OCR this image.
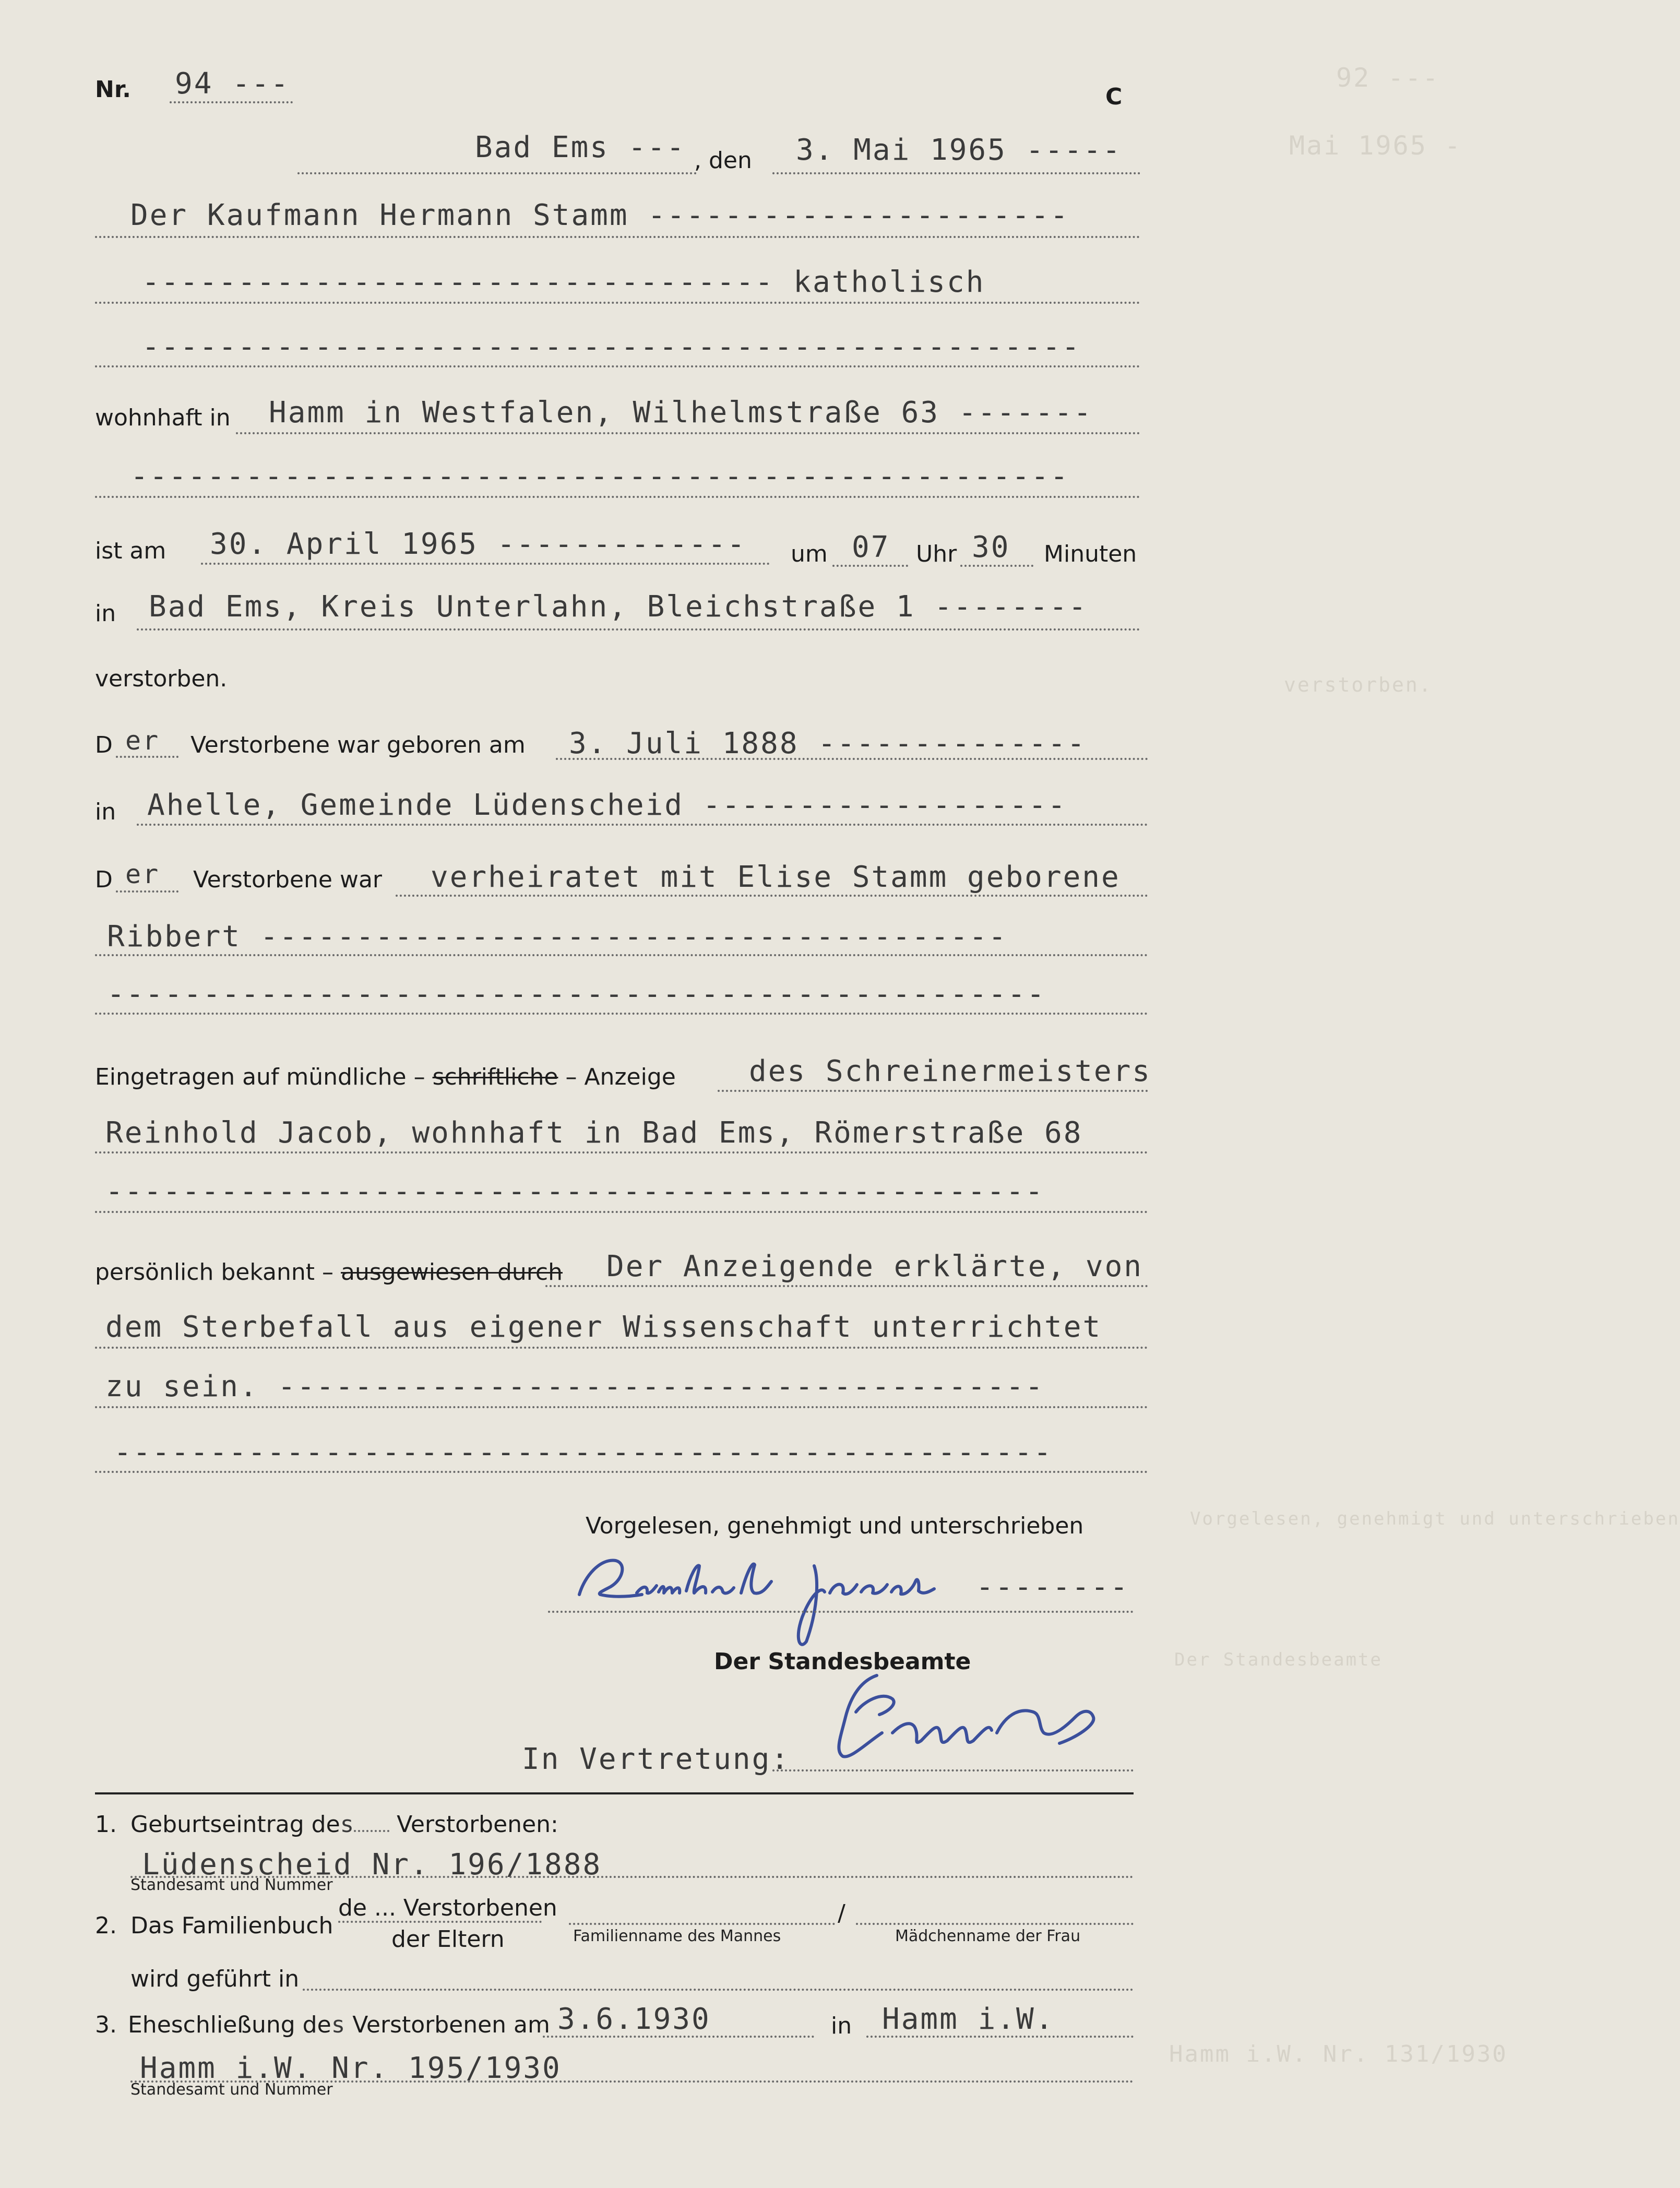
92 ---
Mai 1965 -
verstorben.
Vorgelesen, genehmigt und unterschrieben
Der Standesbeamte
Hamm i.W. Nr. 131/1930
Nr. 94 ---	C
Bad Ems --- , den 3. Mai 1965 -----
Der Kaufmann Hermann Stamm ----------------------
--------------------------------- katholisch
-------------------------------------------------
wohnhaft in Hamm in Westfalen, Wilhelmstraße 63 -------
-------------------------------------------------
ist am 30. April 1965 ------------- um 07 Uhr 30 Minuten
in Bad Ems, Kreis Unterlahn, Bleichstraße 1 --------
verstorben.
D er Verstorbene war geboren am 3. Juli 1888 --------------
in Ahelle, Gemeinde Lüdenscheid -------------------
D er Verstorbene war verheiratet mit Elise Stamm geborene
Ribbert ---------------------------------------
-------------------------------------------------
Eingetragen auf mündliche – schriftliche – Anzeige	des Schreinermeisters
Reinhold Jacob, wohnhaft in Bad Ems, Römerstraße 68
-------------------------------------------------
persönlich bekannt – ausgewiesen durch Der Anzeigende erklärte, von
dem Sterbefall aus eigener Wissenschaft unterrichtet
zu sein. ----------------------------------------
-------------------------------------------------
Vorgelesen, genehmigt und unterschrieben
--------
Der Standesbeamte
In Vertretung:
1. Geburtseintrag des Verstorbenen:
Lüdenscheid Nr. 196/1888
Standesamt und Nummer
2. Das Familienbuch
de ... Verstorbenen
der Eltern
/
Familienname des Mannes	Mädchenname der Frau
wird geführt in
3. Eheschließung des Verstorbenen am 3.6.1930	in Hamm i.W.
Hamm i.W. Nr. 195/1930
Standesamt und Nummer
